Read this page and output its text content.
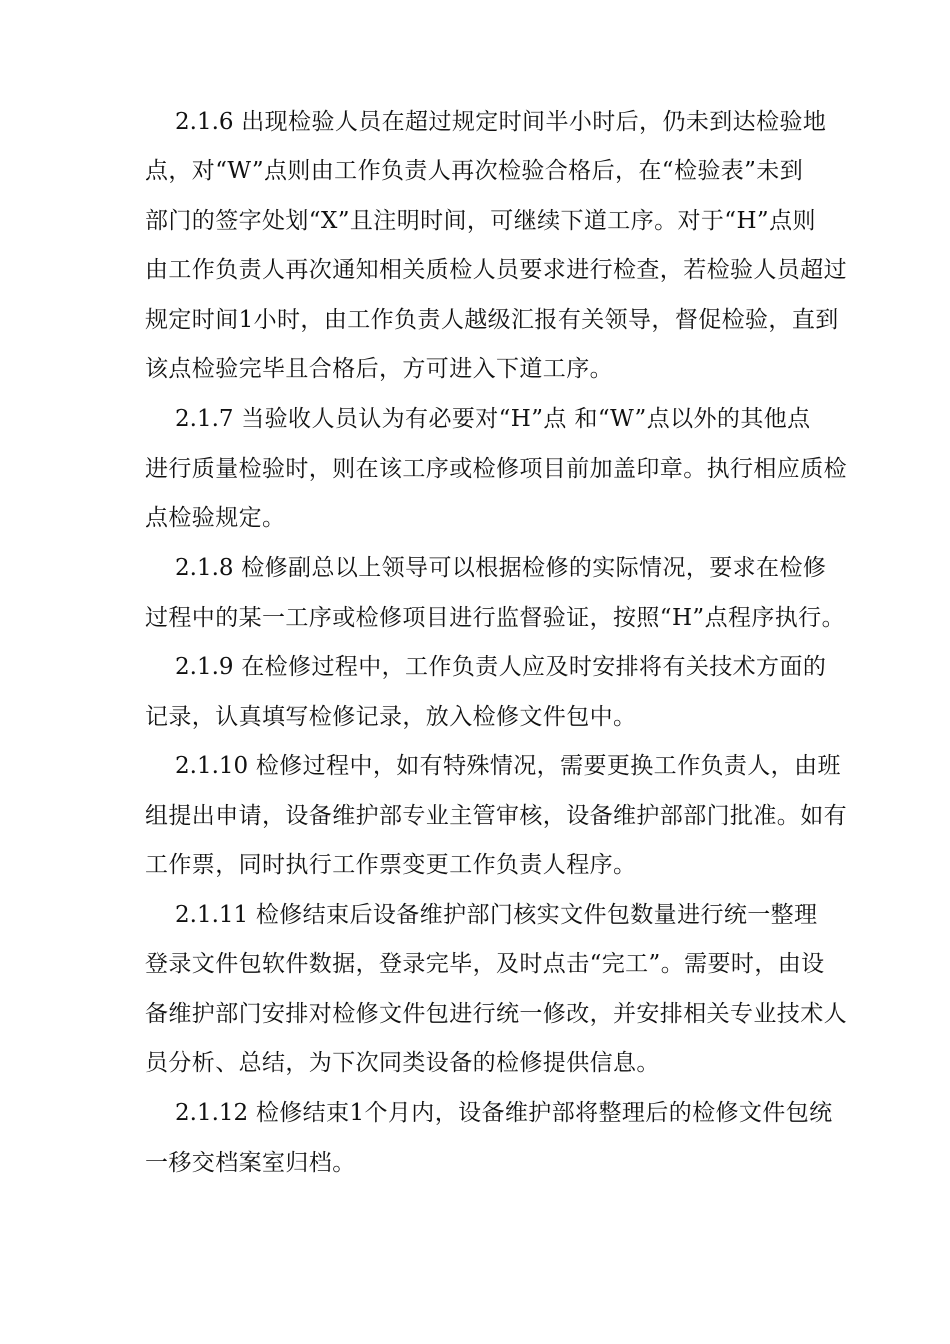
2.1.6 出现检验人员在超过规定时间半小时后，仍未到达检验地
点，对“W”点则由工作负责人再次检验合格后，在“检验表”未到
部门的签字处划“X”且注明时间，可继续下道工序。对于“H”点则
由工作负责人再次通知相关质检人员要求进行检查，若检验人员超过
规定时间1小时，由工作负责人越级汇报有关领导，督促检验，直到
该点检验完毕且合格后，方可进入下道工序。
2.1.7 当验收人员认为有必要对“H”点 和“W”点以外的其他点
进行质量检验时，则在该工序或检修项目前加盖印章。执行相应质检
点检验规定。
2.1.8 检修副总以上领导可以根据检修的实际情况，要求在检修
过程中的某一工序或检修项目进行监督验证，按照“H”点程序执行。
2.1.9 在检修过程中，工作负责人应及时安排将有关技术方面的
记录，认真填写检修记录，放入检修文件包中。
2.1.10 检修过程中，如有特殊情况，需要更换工作负责人，由班
组提出申请，设备维护部专业主管审核，设备维护部部门批准。如有
工作票，同时执行工作票变更工作负责人程序。
2.1.11 检修结束后设备维护部门核实文件包数量进行统一整理
登录文件包软件数据，登录完毕，及时点击“完工”。需要时，由设
备维护部门安排对检修文件包进行统一修改，并安排相关专业技术人
员分析、总结，为下次同类设备的检修提供信息。
2.1.12 检修结束1个月内，设备维护部将整理后的检修文件包统
一移交档案室归档。
